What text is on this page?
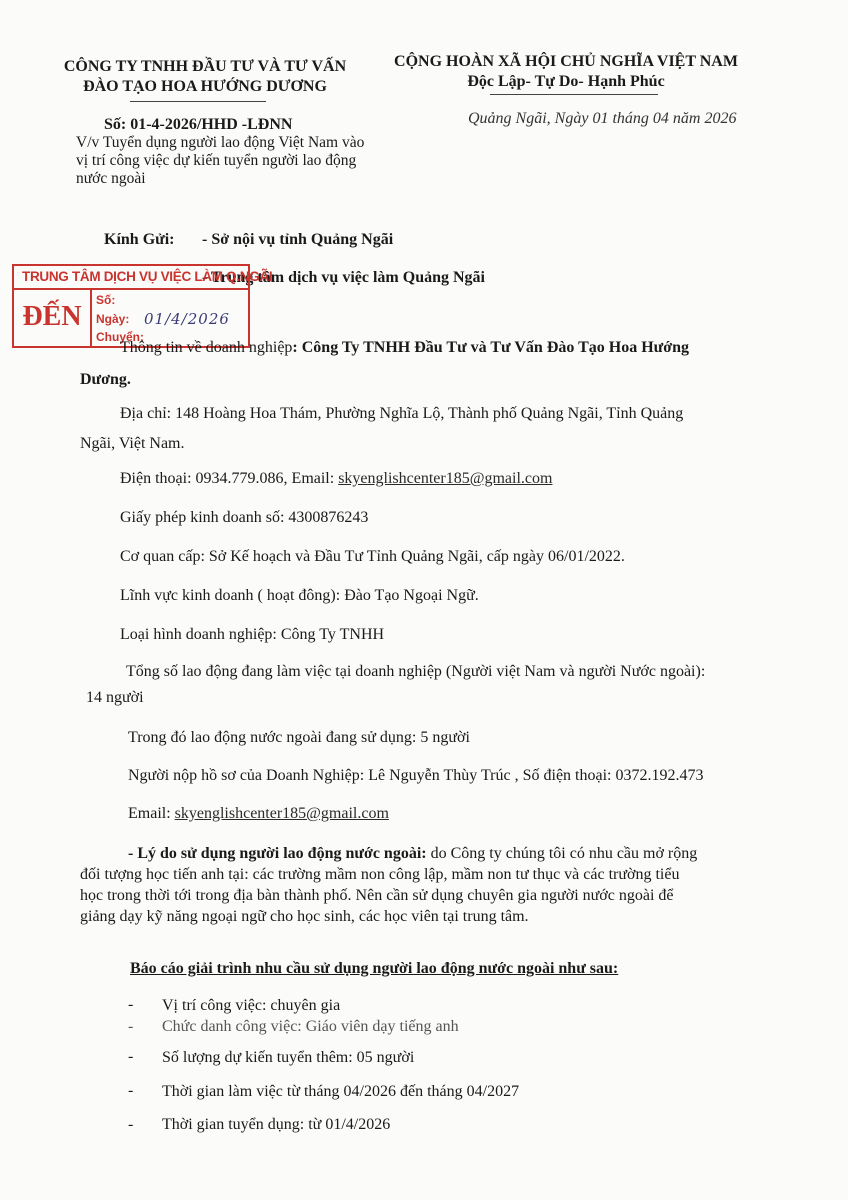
CÔNG TY TNHH ĐẦU TƯ VÀ TƯ VẤN
ĐÀO TẠO HOA HƯỚNG DƯƠNG
CỘNG HOÀN XÃ HỘI CHỦ NGHĨA VIỆT NAM
Độc Lập- Tự Do- Hạnh Phúc
Số: 01-4-2026/HHD -LĐNN	Quảng Ngãi, Ngày 01 tháng 04 năm 2026
V/v Tuyển dụng người lao động Việt Nam vào
vị trí công việc dự kiến tuyển người lao động
nước ngoài
Kính Gửi: - Sở nội vụ tỉnh Quảng Ngãi
- Trung tâm dịch vụ việc làm Quảng Ngãi
TRUNG TÂM DỊCH VỤ VIỆC LÀM Q.NGÃI
ĐẾN
Số:
Ngày:
Chuyển:
01/4/2026
Thông tin về doanh nghiệp: Công Ty TNHH Đầu Tư và Tư Vấn Đào Tạo Hoa Hướng
Dương.
Địa chỉ: 148 Hoàng Hoa Thám, Phường Nghĩa Lộ, Thành phố Quảng Ngãi, Tỉnh Quảng
Ngãi, Việt Nam.
Điện thoại: 0934.779.086, Email: skyenglishcenter185@gmail.com
Giấy phép kinh doanh số: 4300876243
Cơ quan cấp: Sở Kế hoạch và Đầu Tư Tỉnh Quảng Ngãi, cấp ngày 06/01/2022.
Lĩnh vực kinh doanh ( hoạt đông): Đào Tạo Ngoại Ngữ.
Loại hình doanh nghiệp: Công Ty TNHH
Tổng số lao động đang làm việc tại doanh nghiệp (Người việt Nam và người Nước ngoài):
14 người
Trong đó lao động nước ngoài đang sử dụng: 5 người
Người nộp hồ sơ của Doanh Nghiệp: Lê Nguyễn Thùy Trúc , Số điện thoại: 0372.192.473
Email: skyenglishcenter185@gmail.com
- Lý do sử dụng người lao động nước ngoài: do Công ty chúng tôi có nhu cầu mở rộng
đối tượng học tiến anh tại: các trường mầm non công lập, mầm non tư thục và các trường tiểu
học trong thời tới trong địa bàn thành phố. Nên cần sử dụng chuyên gia người nước ngoài để
giảng dạy kỹ năng ngoại ngữ cho học sinh, các học viên tại trung tâm.
Báo cáo giải trình nhu cầu sử dụng người lao động nước ngoài như sau:
- Vị trí công việc: chuyên gia
- Chức danh công việc: Giáo viên dạy tiếng anh
- Số lượng dự kiến tuyển thêm: 05 người
- Thời gian làm việc từ tháng 04/2026 đến tháng 04/2027
- Thời gian tuyển dụng: từ 01/4/2026
